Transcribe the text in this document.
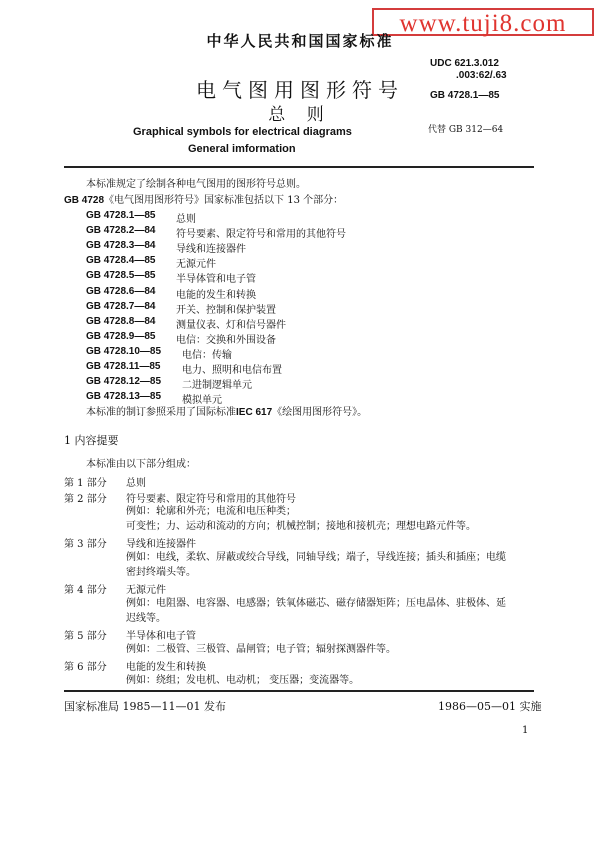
www.tuji8.com
中华人民共和国国家标准
电气图用图形符号
总 则
UDC 621.3.012
.003:62/.63
GB 4728.1—85
Graphical symbols for electrical diagrams
General imformation
代替 GB 312—64
本标准规定了绘制各种电气图用的图形符号总则。
GB 4728《电气图用图形符号》国家标准包括以下 13 个部分：
GB 4728.1—85	总则
GB 4728.2—84	符号要素、限定符号和常用的其他符号
GB 4728.3—84	导线和连接器件
GB 4728.4—85	无源元件
GB 4728.5—85	半导体管和电子管
GB 4728.6—84	电能的发生和转换
GB 4728.7—84	开关、控制和保护装置
GB 4728.8—84	测量仪表、灯和信号器件
GB 4728.9—85	电信：交换和外围设备
GB 4728.10—85	电信：传输
GB 4728.11—85	电力、照明和电信布置
GB 4728.12—85	二进制逻辑单元
GB 4728.13—85	模拟单元
本标准的制订参照采用了国际标准IEC 617《绘图用图形符号》。
1 内容提要
本标准由以下部分组成：
第 1 部分 总则
第 2 部分 符号要素、限定符号和常用的其他符号
例如：轮廓和外壳；电流和电压种类；
可变性；力、运动和流动的方向；机械控制；接地和接机壳；理想电路元件等。
第 3 部分 导线和连接器件
例如：电线，柔软、屏蔽或绞合导线，同轴导线；端子，导线连接；插头和插座；电缆
密封终端头等。
第 4 部分 无源元件
例如：电阻器、电容器、电感器；铁氧体磁芯、磁存储器矩阵；压电晶体、驻极体、延
迟线等。
第 5 部分 半导体和电子管
例如：二极管、三极管、晶闸管；电子管；辐射探测器件等。
第 6 部分 电能的发生和转换
例如：绕组；发电机、电动机； 变压器；变流器等。
国家标准局 1985—11—01 发布	1986—05—01 实施
1
